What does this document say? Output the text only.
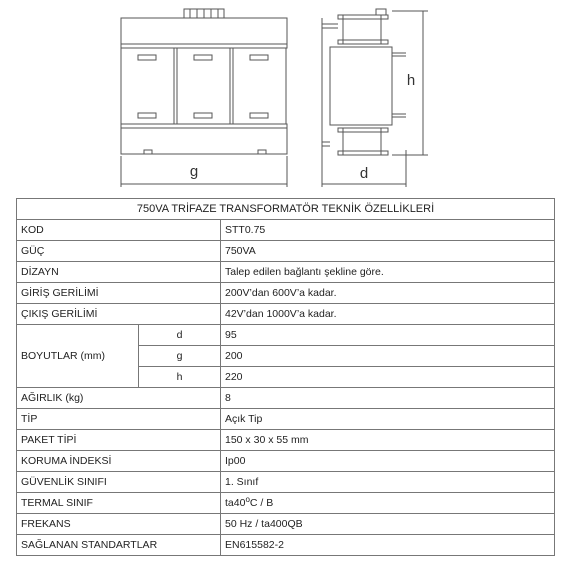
g	d
h
750VA TRİFAZE TRANSFORMATÖR TEKNİK ÖZELLİKLERİ		
KOD		STT0.75
GÜÇ		750VA
DİZAYN		Talep edilen bağlantı şekline göre.
GİRİŞ GERİLİMİ		200V’dan 600V’a kadar.
ÇIKIŞ GERİLİMİ		42V’dan 1000V’a kadar.
BOYUTLAR (mm)	d	95
	g	200
	h	220
AĞIRLIK (kg)		8
TİP		Açık Tip
PAKET TİPİ		150 x 30 x 55 mm
KORUMA İNDEKSİ		Ip00
GÜVENLİK SINIFI		1. Sınıf
TERMAL SINIF		ta40$^o$C / B
FREKANS		50 Hz / ta400QB
SAĞLANAN STANDARTLAR		EN615582-2
